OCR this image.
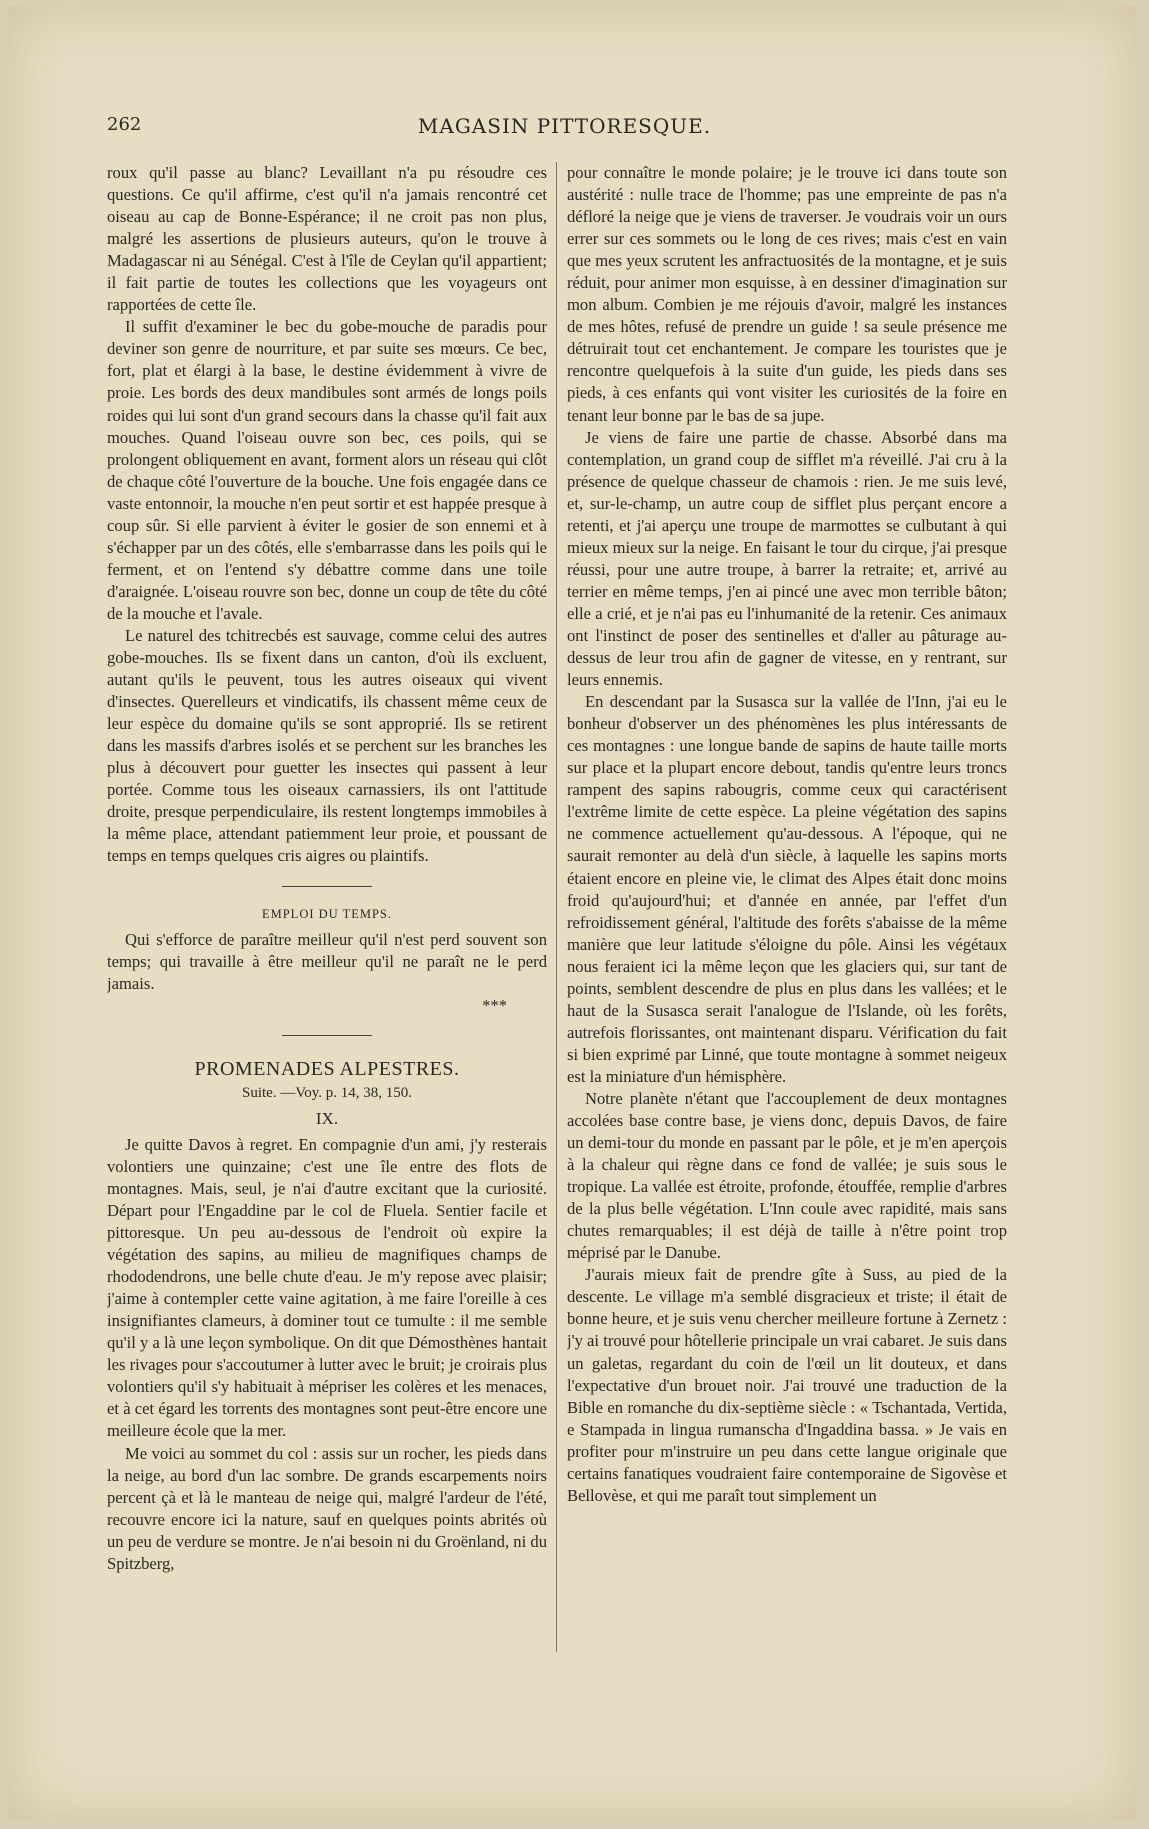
262	MAGASIN PITTORESQUE.

roux qu'il passe au blanc? Levaillant n'a pu résoudre ces questions. Ce qu'il affirme, c'est qu'il n'a jamais rencontré cet oiseau au cap de Bonne-Espérance; il ne croit pas non plus, malgré les assertions de plusieurs auteurs, qu'on le trouve à Madagascar ni au Sénégal. C'est à l'île de Ceylan qu'il appartient; il fait partie de toutes les collections que les voyageurs ont rapportées de cette île.

Il suffit d'examiner le bec du gobe-mouche de paradis pour deviner son genre de nourriture, et par suite ses mœurs. Ce bec, fort, plat et élargi à la base, le destine évidemment à vivre de proie. Les bords des deux mandibules sont armés de longs poils roides qui lui sont d'un grand secours dans la chasse qu'il fait aux mouches. Quand l'oiseau ouvre son bec, ces poils, qui se prolongent obliquement en avant, forment alors un réseau qui clôt de chaque côté l'ouverture de la bouche. Une fois engagée dans ce vaste entonnoir, la mouche n'en peut sortir et est happée presque à coup sûr. Si elle parvient à éviter le gosier de son ennemi et à s'échapper par un des côtés, elle s'embarrasse dans les poils qui le ferment, et on l'entend s'y débattre comme dans une toile d'araignée. L'oiseau rouvre son bec, donne un coup de tête du côté de la mouche et l'avale.

Le naturel des tchitrecbés est sauvage, comme celui des autres gobe-mouches. Ils se fixent dans un canton, d'où ils excluent, autant qu'ils le peuvent, tous les autres oiseaux qui vivent d'insectes. Querelleurs et vindicatifs, ils chassent même ceux de leur espèce du domaine qu'ils se sont approprié. Ils se retirent dans les massifs d'arbres isolés et se perchent sur les branches les plus à découvert pour guetter les insectes qui passent à leur portée. Comme tous les oiseaux carnassiers, ils ont l'attitude droite, presque perpendiculaire, ils restent longtemps immobiles à la même place, attendant patiemment leur proie, et poussant de temps en temps quelques cris aigres ou plaintifs.

EMPLOI DU TEMPS.

Qui s'efforce de paraître meilleur qu'il n'est perd souvent son temps; qui travaille à être meilleur qu'il ne paraît ne le perd jamais.
***

PROMENADES ALPESTRES.
Suite. —Voy. p. 14, 38, 150.
IX.

Je quitte Davos à regret. En compagnie d'un ami, j'y resterais volontiers une quinzaine; c'est une île entre des flots de montagnes. Mais, seul, je n'ai d'autre excitant que la curiosité. Départ pour l'Engaddine par le col de Fluela. Sentier facile et pittoresque. Un peu au-dessous de l'endroit où expire la végétation des sapins, au milieu de magnifiques champs de rhododendrons, une belle chute d'eau. Je m'y repose avec plaisir; j'aime à contempler cette vaine agitation, à me faire l'oreille à ces insignifiantes clameurs, à dominer tout ce tumulte : il me semble qu'il y a là une leçon symbolique. On dit que Démosthènes hantait les rivages pour s'accoutumer à lutter avec le bruit; je croirais plus volontiers qu'il s'y habituait à mépriser les colères et les menaces, et à cet égard les torrents des montagnes sont peut-être encore une meilleure école que la mer.

Me voici au sommet du col : assis sur un rocher, les pieds dans la neige, au bord d'un lac sombre. De grands escarpements noirs percent çà et là le manteau de neige qui, malgré l'ardeur de l'été, recouvre encore ici la nature, sauf en quelques points abrités où un peu de verdure se montre. Je n'ai besoin ni du Groënland, ni du Spitzberg,

pour connaître le monde polaire; je le trouve ici dans toute son austérité : nulle trace de l'homme; pas une empreinte de pas n'a défloré la neige que je viens de traverser. Je voudrais voir un ours errer sur ces sommets ou le long de ces rives; mais c'est en vain que mes yeux scrutent les anfractuosités de la montagne, et je suis réduit, pour animer mon esquisse, à en dessiner d'imagination sur mon album. Combien je me réjouis d'avoir, malgré les instances de mes hôtes, refusé de prendre un guide ! sa seule présence me détruirait tout cet enchantement. Je compare les touristes que je rencontre quelquefois à la suite d'un guide, les pieds dans ses pieds, à ces enfants qui vont visiter les curiosités de la foire en tenant leur bonne par le bas de sa jupe.

Je viens de faire une partie de chasse. Absorbé dans ma contemplation, un grand coup de sifflet m'a réveillé. J'ai cru à la présence de quelque chasseur de chamois : rien. Je me suis levé, et, sur-le-champ, un autre coup de sifflet plus perçant encore a retenti, et j'ai aperçu une troupe de marmottes se culbutant à qui mieux mieux sur la neige. En faisant le tour du cirque, j'ai presque réussi, pour une autre troupe, à barrer la retraite; et, arrivé au terrier en même temps, j'en ai pincé une avec mon terrible bâton; elle a crié, et je n'ai pas eu l'inhumanité de la retenir. Ces animaux ont l'instinct de poser des sentinelles et d'aller au pâturage au-dessus de leur trou afin de gagner de vitesse, en y rentrant, sur leurs ennemis.

En descendant par la Susasca sur la vallée de l'Inn, j'ai eu le bonheur d'observer un des phénomènes les plus intéressants de ces montagnes : une longue bande de sapins de haute taille morts sur place et la plupart encore debout, tandis qu'entre leurs troncs rampent des sapins rabougris, comme ceux qui caractérisent l'extrême limite de cette espèce. La pleine végétation des sapins ne commence actuellement qu'au-dessous. A l'époque, qui ne saurait remonter au delà d'un siècle, à laquelle les sapins morts étaient encore en pleine vie, le climat des Alpes était donc moins froid qu'aujourd'hui; et d'année en année, par l'effet d'un refroidissement général, l'altitude des forêts s'abaisse de la même manière que leur latitude s'éloigne du pôle. Ainsi les végétaux nous feraient ici la même leçon que les glaciers qui, sur tant de points, semblent descendre de plus en plus dans les vallées; et le haut de la Susasca serait l'analogue de l'Islande, où les forêts, autrefois florissantes, ont maintenant disparu. Vérification du fait si bien exprimé par Linné, que toute montagne à sommet neigeux est la miniature d'un hémisphère.

Notre planète n'étant que l'accouplement de deux montagnes accolées base contre base, je viens donc, depuis Davos, de faire un demi-tour du monde en passant par le pôle, et je m'en aperçois à la chaleur qui règne dans ce fond de vallée; je suis sous le tropique. La vallée est étroite, profonde, étouffée, remplie d'arbres de la plus belle végétation. L'Inn coule avec rapidité, mais sans chutes remarquables; il est déjà de taille à n'être point trop méprisé par le Danube.

J'aurais mieux fait de prendre gîte à Suss, au pied de la descente. Le village m'a semblé disgracieux et triste; il était de bonne heure, et je suis venu chercher meilleure fortune à Zernetz : j'y ai trouvé pour hôtellerie principale un vrai cabaret. Je suis dans un galetas, regardant du coin de l'œil un lit douteux, et dans l'expectative d'un brouet noir. J'ai trouvé une traduction de la Bible en romanche du dix-septième siècle : « Tschantada, Vertida, e Stampada in lingua rumanscha d'Ingaddina bassa. » Je vais en profiter pour m'instruire un peu dans cette langue originale que certains fanatiques voudraient faire contemporaine de Sigovèse et Bellovèse, et qui me paraît tout simplement un
